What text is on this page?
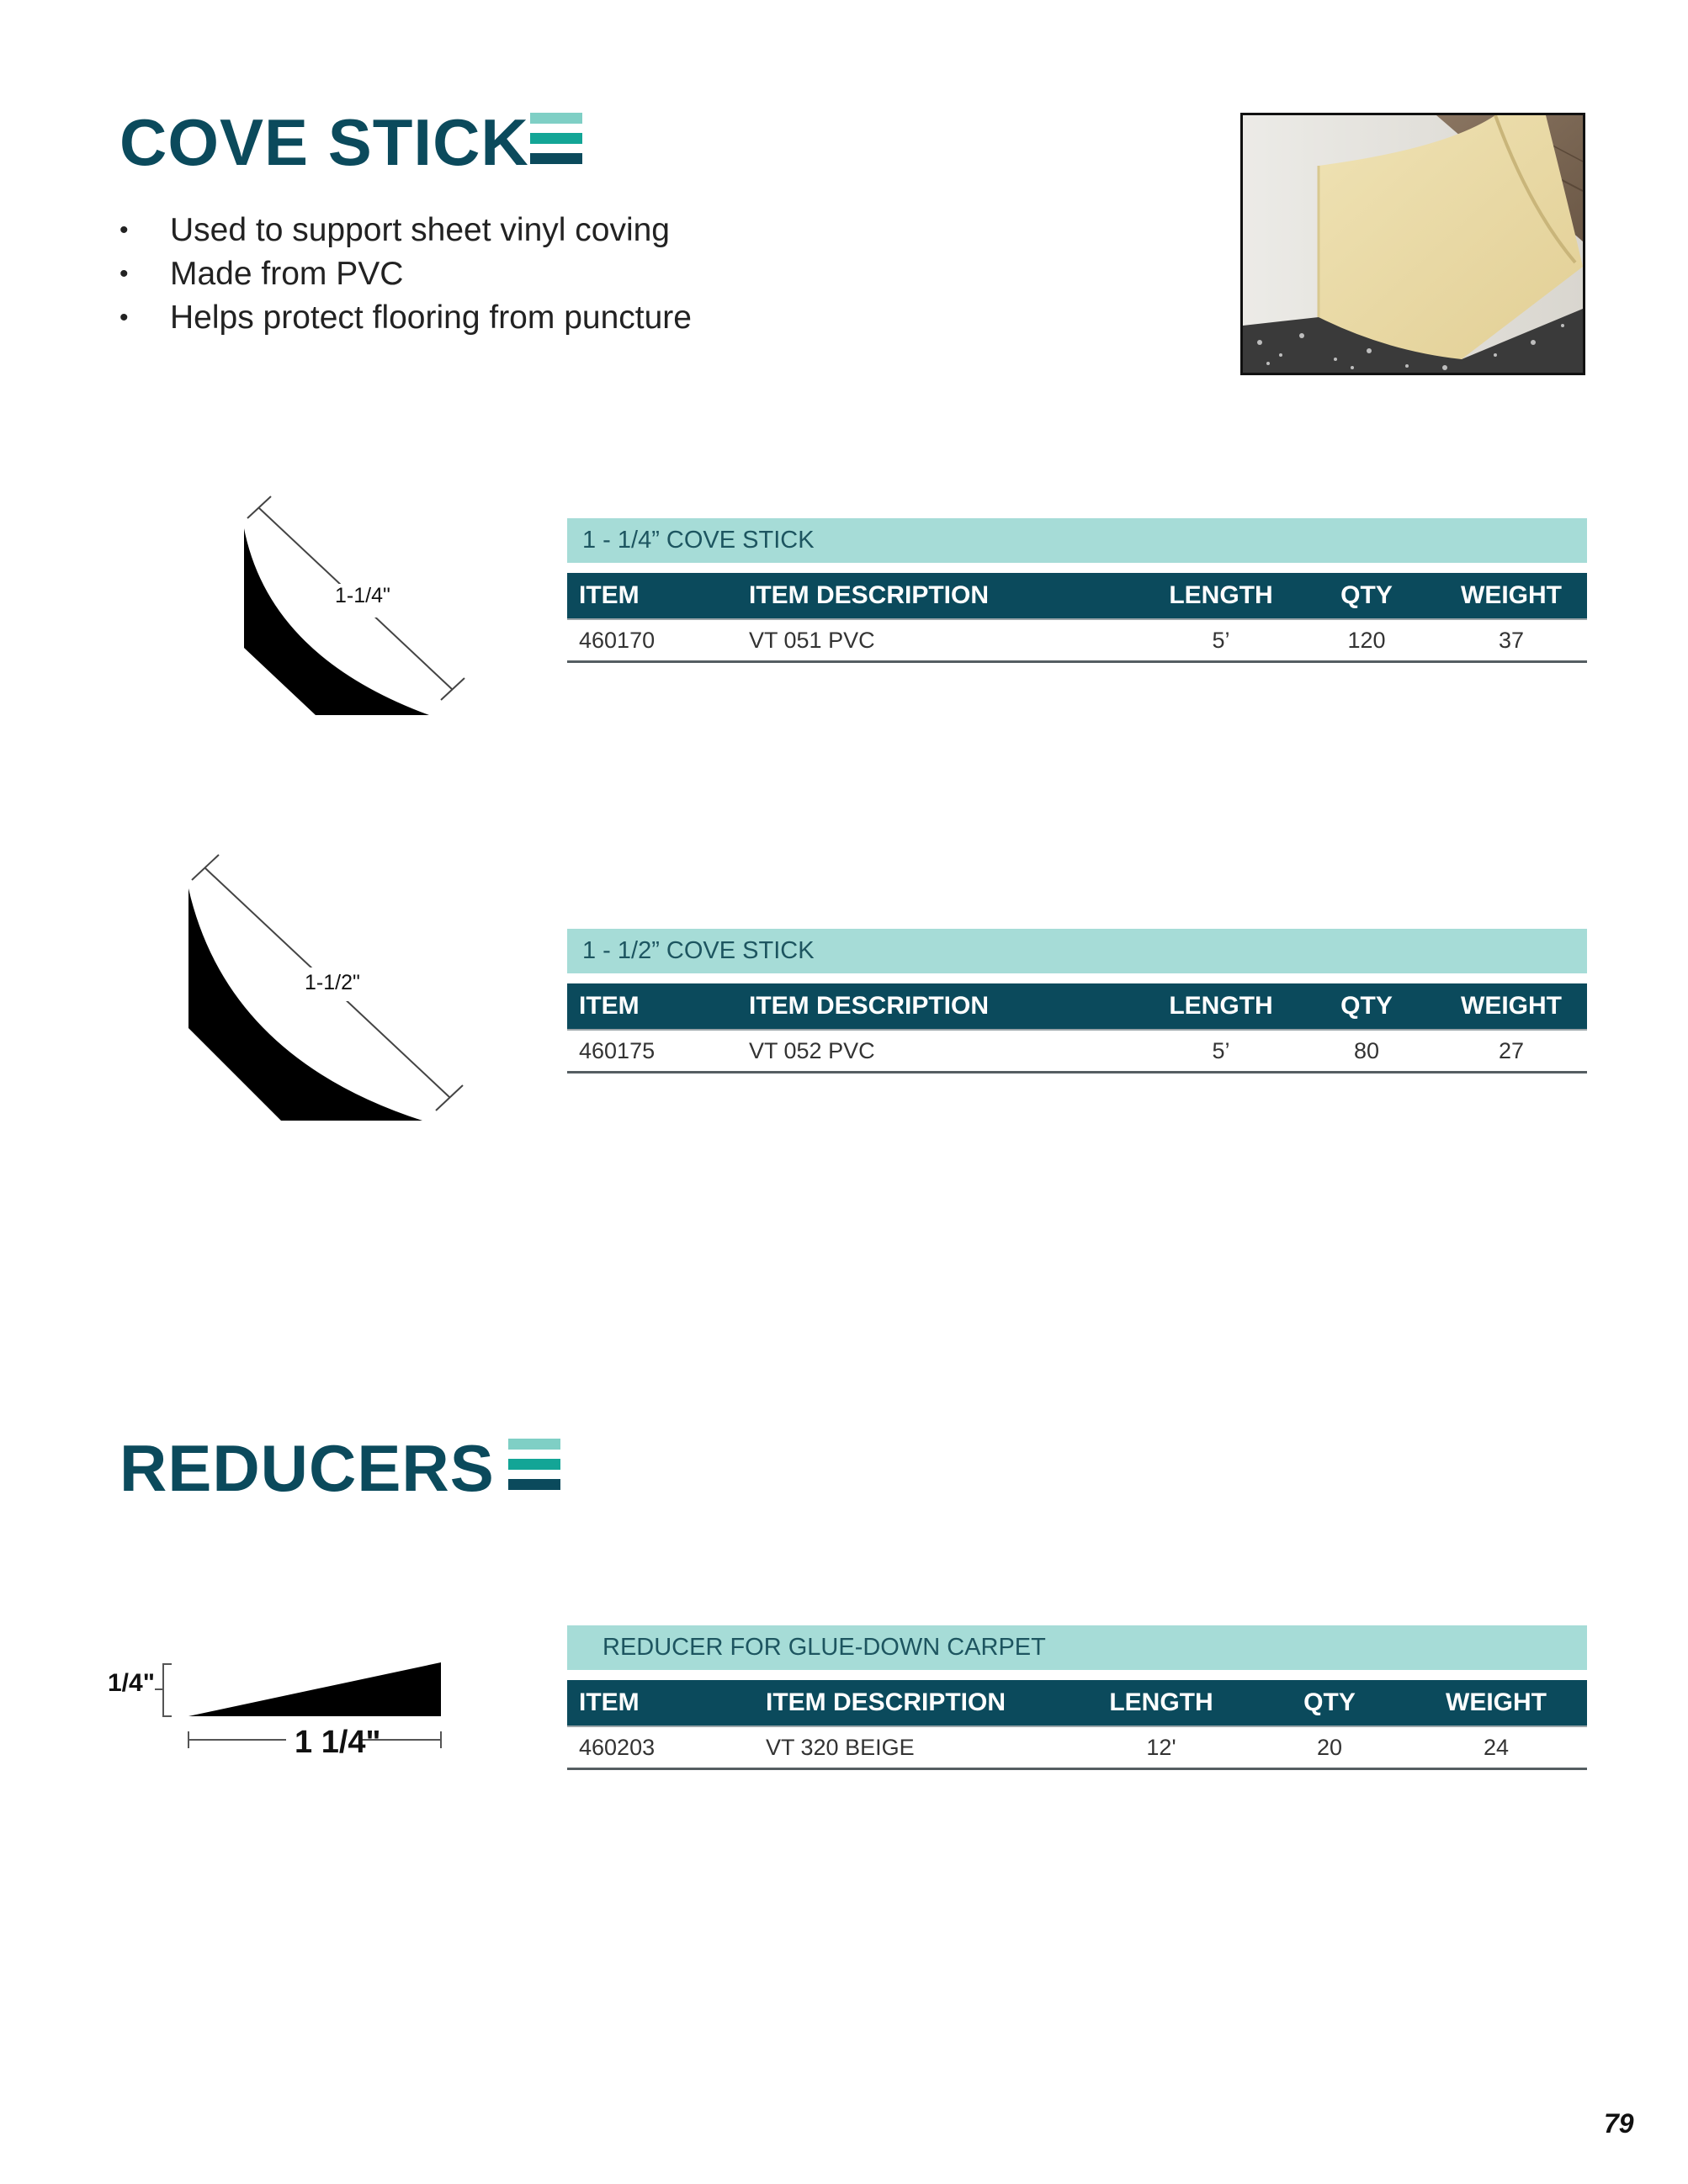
COVE STICK
• Used to support sheet vinyl coving
• Made from PVC
• Helps protect flooring from puncture
1-1/4"
1 - 1/4” COVE STICK
ITEM	ITEM DESCRIPTION	LENGTH	QTY	WEIGHT
460170	VT 051 PVC	5’	120	37
1-1/2"
1 - 1/2” COVE STICK
ITEM	ITEM DESCRIPTION	LENGTH	QTY	WEIGHT
460175	VT 052 PVC	5’	80	27
REDUCERS
1/4"
1 1/4"
REDUCER FOR GLUE-DOWN CARPET
ITEM	ITEM DESCRIPTION	LENGTH	QTY	WEIGHT
460203	VT 320 BEIGE	12'	20	24
79
